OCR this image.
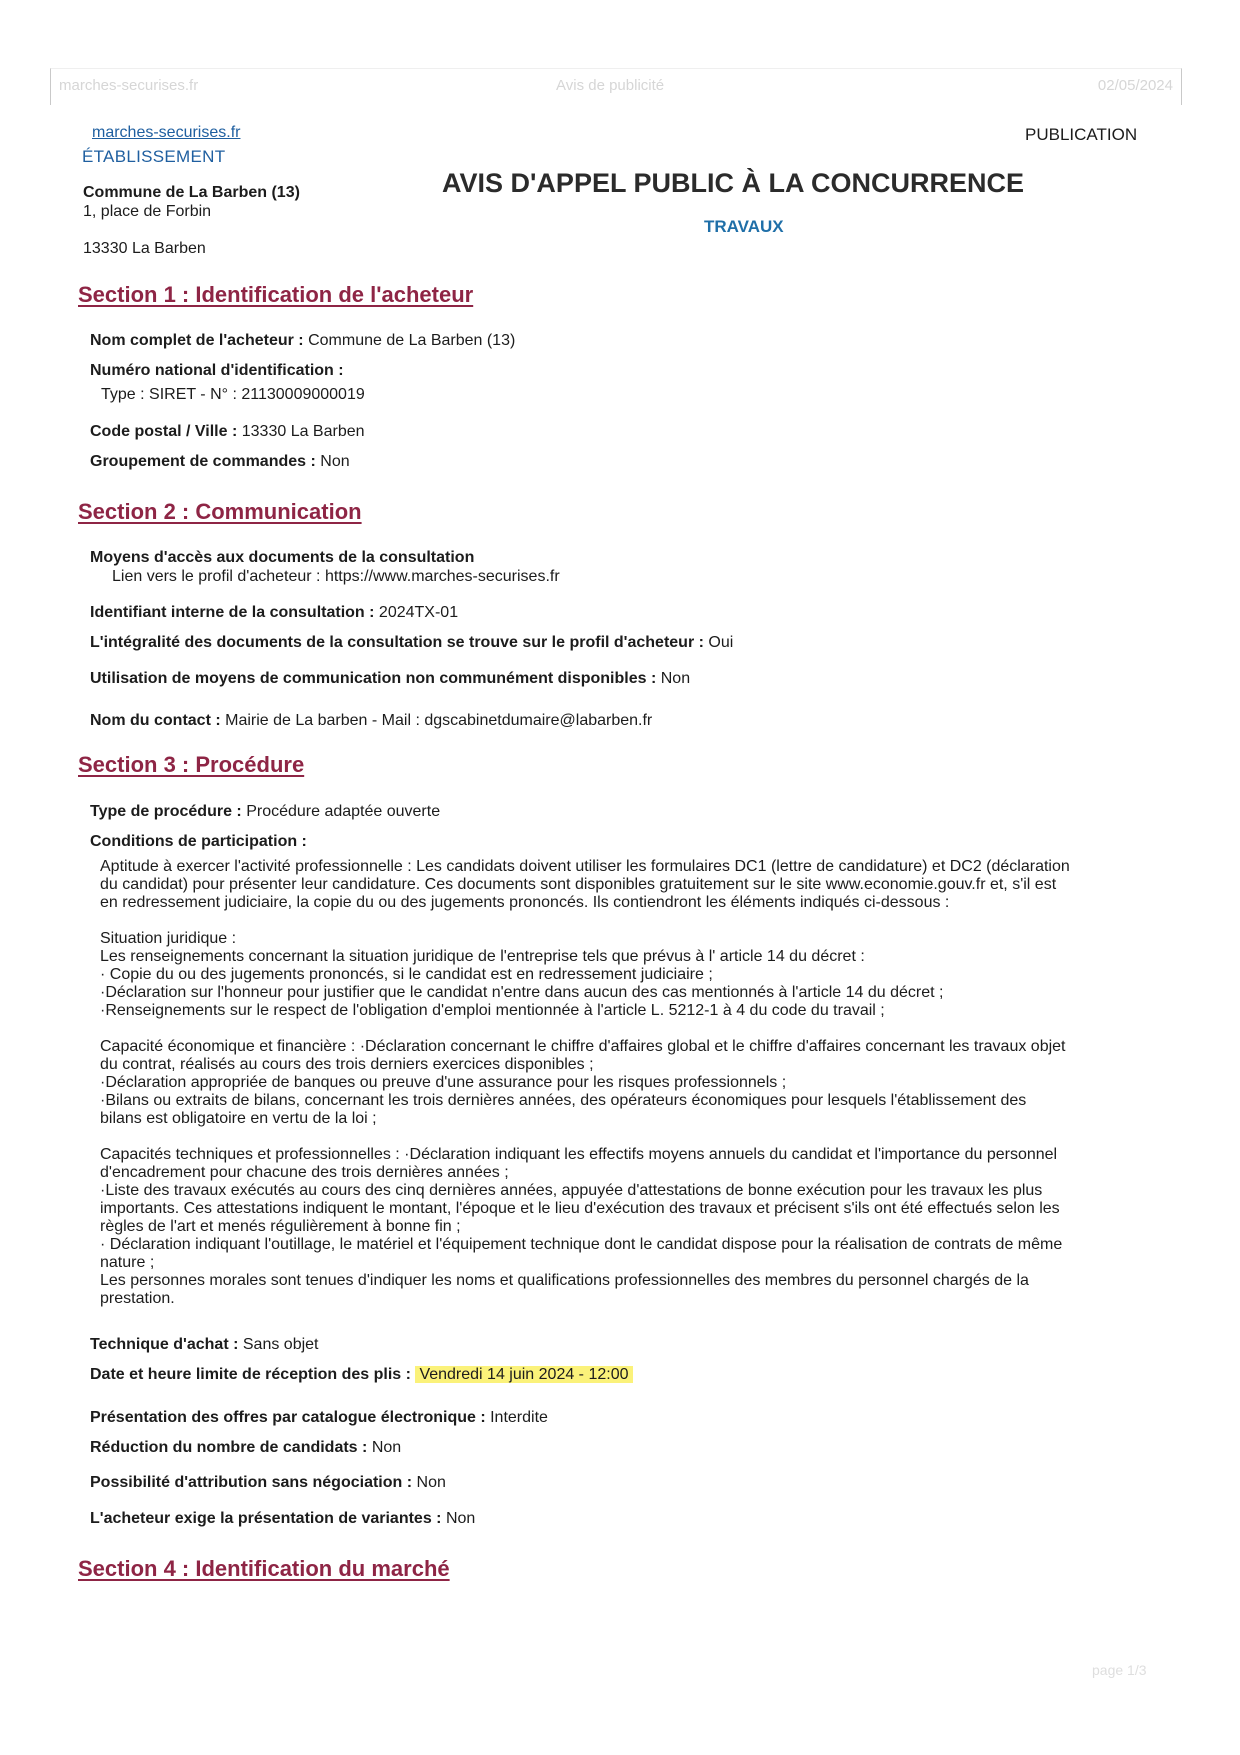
marches-securises.fr	Avis de publicité	02/05/2024
marches-securises.fr
ÉTABLISSEMENT
PUBLICATION
Commune de La Barben (13)
1, place de Forbin
13330 La Barben
AVIS D'APPEL PUBLIC À LA CONCURRENCE
TRAVAUX
Section 1 : Identification de l'acheteur
Nom complet de l'acheteur : Commune de La Barben (13)
Numéro national d'identification :
Type : SIRET - N° : 21130009000019
Code postal / Ville : 13330 La Barben
Groupement de commandes : Non
Section 2 : Communication
Moyens d'accès aux documents de la consultation
Lien vers le profil d'acheteur : https://www.marches-securises.fr
Identifiant interne de la consultation : 2024TX-01
L'intégralité des documents de la consultation se trouve sur le profil d'acheteur : Oui
Utilisation de moyens de communication non communément disponibles : Non
Nom du contact : Mairie de La barben - Mail : dgscabinetdumaire@labarben.fr
Section 3 : Procédure
Type de procédure : Procédure adaptée ouverte
Conditions de participation :

Aptitude à exercer l'activité professionnelle : Les candidats doivent utiliser les formulaires DC1 (lettre de candidature) et DC2 (déclaration

du candidat) pour présenter leur candidature. Ces documents sont disponibles gratuitement sur le site www.economie.gouv.fr et, s'il est

en redressement judiciaire, la copie du ou des jugements prononcés. Ils contiendront les éléments indiqués ci-dessous :

Situation juridique :

Les renseignements concernant la situation juridique de l'entreprise tels que prévus à l' article 14 du décret :

· Copie du ou des jugements prononcés, si le candidat est en redressement judiciaire ;

·Déclaration sur l'honneur pour justifier que le candidat n'entre dans aucun des cas mentionnés à l'article 14 du décret ;

·Renseignements sur le respect de l'obligation d'emploi mentionnée à l'article L. 5212-1 à 4 du code du travail ;

Capacité économique et financière : ·Déclaration concernant le chiffre d'affaires global et le chiffre d'affaires concernant les travaux objet

du contrat, réalisés au cours des trois derniers exercices disponibles ;

·Déclaration appropriée de banques ou preuve d'une assurance pour les risques professionnels ;

·Bilans ou extraits de bilans, concernant les trois dernières années, des opérateurs économiques pour lesquels l'établissement des

bilans est obligatoire en vertu de la loi ;

Capacités techniques et professionnelles : ·Déclaration indiquant les effectifs moyens annuels du candidat et l'importance du personnel

d'encadrement pour chacune des trois dernières années ;

·Liste des travaux exécutés au cours des cinq dernières années, appuyée d'attestations de bonne exécution pour les travaux les plus

importants. Ces attestations indiquent le montant, l'époque et le lieu d'exécution des travaux et précisent s'ils ont été effectués selon les

règles de l'art et menés régulièrement à bonne fin ;

· Déclaration indiquant l'outillage, le matériel et l'équipement technique dont le candidat dispose pour la réalisation de contrats de même

nature ;

Les personnes morales sont tenues d'indiquer les noms et qualifications professionnelles des membres du personnel chargés de la

prestation.

Technique d'achat : Sans objet
Date et heure limite de réception des plis : Vendredi 14 juin 2024 - 12:00
Présentation des offres par catalogue électronique : Interdite
Réduction du nombre de candidats : Non
Possibilité d'attribution sans négociation : Non
L'acheteur exige la présentation de variantes : Non
Section 4 : Identification du marché
page 1/3
